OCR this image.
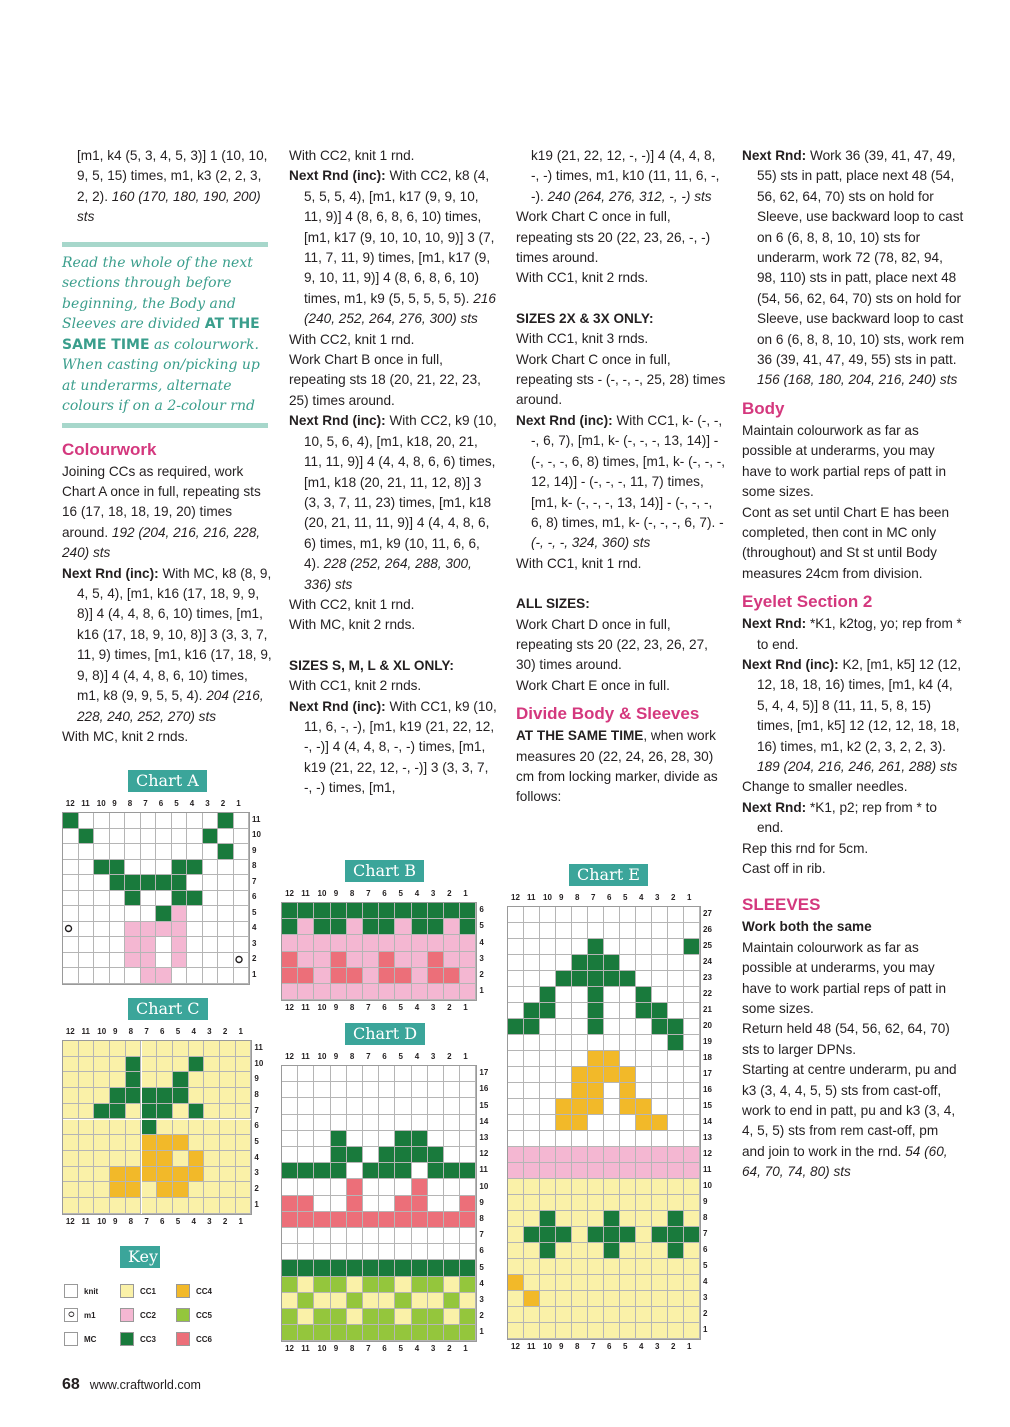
[m1, k4 (5, 3, 4, 5, 3)] 1 (10, 10, 9, 5, 15) times, m1, k3 (2, 2, 3, 2, 2). 160 (170, 180, 190, 200) sts

Read the whole of the next sections through before beginning, the Body and Sleeves are divided AT THE SAME TIME as colourwork. When casting on/picking up at underarms, alternate colours if on a 2-colour rnd
Colourwork

Joining CCs as required, work Chart A once in full, repeating sts 16 (17, 18, 18, 19, 20) times around. 192 (204, 216, 216, 228, 240) sts

Next Rnd (inc): With MC, k8 (8, 9, 4, 5, 4), [m1, k16 (17, 18, 9, 9, 8)] 4 (4, 4, 8, 6, 10) times, [m1, k16 (17, 18, 9, 10, 8)] 3 (3, 3, 7, 11, 9) times, [m1, k16 (17, 18, 9, 9, 8)] 4 (4, 4, 8, 6, 10) times, m1, k8 (9, 9, 5, 5, 4). 204 (216, 228, 240, 252, 270) sts

With MC, knit 2 rnds.

With CC2, knit 1 rnd.

Next Rnd (inc): With CC2, k8 (4, 5, 5, 5, 4), [m1, k17 (9, 9, 10, 11, 9)] 4 (8, 6, 8, 6, 10) times, [m1, k17 (9, 10, 10, 10, 9)] 3 (7, 11, 7, 11, 9) times, [m1, k17 (9, 9, 10, 11, 9)] 4 (8, 6, 8, 6, 10) times, m1, k9 (5, 5, 5, 5, 5). 216 (240, 252, 264, 276, 300) sts

With CC2, knit 1 rnd.

Work Chart B once in full, repeating sts 18 (20, 21, 22, 23, 25) times around.

Next Rnd (inc): With CC2, k9 (10, 10, 5, 6, 4), [m1, k18, 20, 21, 11, 11, 9)] 4 (4, 4, 8, 6, 6) times, [m1, k18 (20, 21, 11, 12, 8)] 3 (3, 3, 7, 11, 23) times, [m1, k18 (20, 21, 11, 11, 9)] 4 (4, 4, 8, 6, 6) times, m1, k9 (10, 11, 6, 6, 4). 228 (252, 264, 288, 300, 336) sts

With CC2, knit 1 rnd.

With MC, knit 2 rnds.

SIZES S, M, L & XL ONLY:

With CC1, knit 2 rnds.

Next Rnd (inc): With CC1, k9 (10, 11, 6, -, -), [m1, k19 (21, 22, 12, -, -)] 4 (4, 4, 8, -, -) times, [m1, k19 (21, 22, 12, -, -)] 3 (3, 3, 7, -, -) times, [m1,

k19 (21, 22, 12, -, -)] 4 (4, 4, 8, -, -) times, m1, k10 (11, 11, 6, -, -). 240 (264, 276, 312, -, -) sts

Work Chart C once in full, repeating sts 20 (22, 23, 26, -, -) times around.

With CC1, knit 2 rnds.

SIZES 2X & 3X ONLY:

With CC1, knit 3 rnds.

Work Chart C once in full, repeating sts - (-, -, -, 25, 28) times around.

Next Rnd (inc): With CC1, k- (-, -, -, 6, 7), [m1, k- (-, -, -, 13, 14)] - (-, -, -, 6, 8) times, [m1, k- (-, -, -, 12, 14)] - (-, -, -, 11, 7) times, [m1, k- (-, -, -, 13, 14)] - (-, -, -, 6, 8) times, m1, k- (-, -, -, 6, 7). - (-, -, -, 324, 360) sts

With CC1, knit 1 rnd.

ALL SIZES:

Work Chart D once in full, repeating sts 20 (22, 23, 26, 27, 30) times around.

Work Chart E once in full.

Divide Body & Sleeves

AT THE SAME TIME, when work measures 20 (22, 24, 26, 28, 30) cm from locking marker, divide as follows:

Next Rnd: Work 36 (39, 41, 47, 49, 55) sts in patt, place next 48 (54, 56, 62, 64, 70) sts on hold for Sleeve, use backward loop to cast on 6 (6, 8, 8, 10, 10) sts for underarm, work 72 (78, 82, 94, 98, 110) sts in patt, place next 48 (54, 56, 62, 64, 70) sts on hold for Sleeve, use backward loop to cast on 6 (6, 8, 8, 10, 10) sts, work rem 36 (39, 41, 47, 49, 55) sts in patt. 156 (168, 180, 204, 216, 240) sts

Body

Maintain colourwork as far as possible at underarms, you may have to work partial reps of patt in some sizes.

Cont as set until Chart E has been completed, then cont in MC only (throughout) and St st until Body measures 24cm from division.

Eyelet Section 2

Next Rnd: *K1, k2tog, yo; rep from * to end.

Next Rnd (inc): K2, [m1, k5] 12 (12, 12, 18, 18, 16) times, [m1, k4 (4, 5, 4, 4, 5)] 8 (11, 11, 5, 8, 15) times, [m1, k5] 12 (12, 12, 18, 18, 16) times, m1, k2 (2, 3, 2, 2, 3). 189 (204, 216, 246, 261, 288) sts

Change to smaller needles.

Next Rnd: *K1, p2; rep from * to end.

Rep this rnd for 5cm.

Cast off in rib.

SLEEVES

Work both the same

Maintain colourwork as far as possible at underarms, you may have to work partial reps of patt in some sizes.

Return held 48 (54, 56, 62, 64, 70) sts to larger DPNs.

Starting at centre underarm, pu and k3 (3, 4, 4, 5, 5) sts from cast-off, work to end in patt, pu and k3 (3, 4, 4, 5, 5) sts from rem cast-off, pm and join to work in the rnd. 54 (60, 64, 70, 74, 80) sts

Key
knit	CC1	CC4
ഠ	m1	CC2	CC5
MC	CC3	CC6
68 www.craftworld.com
Chart A
12 11 10 9 8 7 6 5 4 3 2 1
11
10
9
8
7
6
5
4
3
2
1
ഠ
ഠ
Chart C
12 11 10 9 8 7 6 5 4 3 2 1
12 11 10 9 8 7 6 5 4 3 2 1
11
10
9
8
7
6
5
4
3
2
1
Chart B
12 11 10 9 8 7 6 5 4 3 2 1
12 11 10 9 8 7 6 5 4 3 2 1
6
5
4
3
2
1
Chart D
12 11 10 9 8 7 6 5 4 3 2 1
12 11 10 9 8 7 6 5 4 3 2 1
17
16
15
14
13
12
11
10
9
8
7
6
5
4
3
2
1
Chart E
12 11 10 9 8 7 6 5 4 3 2 1
12 11 10 9 8 7 6 5 4 3 2 1
27
26
25
24
23
22
21
20
19
18
17
16
15
14
13
12
11
10
9
8
7
6
5
4
3
2
1
